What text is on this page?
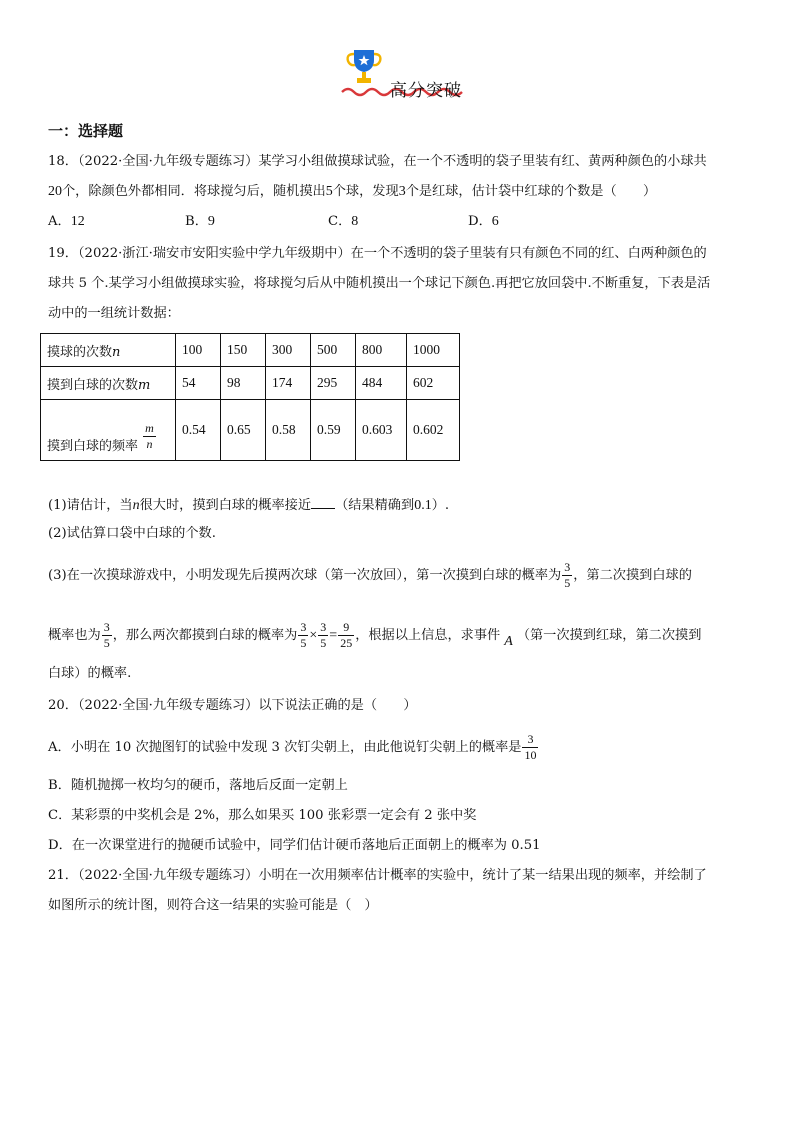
高分突破
一：选择题
18．（2022·全国·九年级专题练习）某学习小组做摸球试验，在一个不透明的袋子里装有红、黄两种颜色的小球共
20个，除颜色外都相同．将球搅匀后，随机摸出5个球，发现3个是红球，估计袋中红球的个数是（　　）
A．12	B．9	C．8	D．6
19．（2022·浙江·瑞安市安阳实验中学九年级期中）在一个不透明的袋子里装有只有颜色不同的红、白两种颜色的
球共 5 个.某学习小组做摸球实验，将球搅匀后从中随机摸出一个球记下颜色.再把它放回袋中.不断重复，下表是活
动中的一组统计数据：
摸球的次数n	100	150	300	500	800	1000
摸到白球的次数m	54	98	174	295	484	602
摸到白球的频率 $\frac{m}{n}$	0.54	0.65	0.58	0.59	0.603	0.602
(1)请估计，当n很大时，摸到白球的概率接近 （结果精确到0.1）.
(2)试估算口袋中白球的个数.
(3)在一次摸球游戏中，小明发现先后摸两次球（第一次放回），第一次摸到白球的概率为 $\frac{3}{5}$ ，第二次摸到白球的
概率也为 $\frac{3}{5}$ ，那么两次都摸到白球的概率为 $\frac{3}{5} \times \frac{3}{5} = \frac{9}{25}$ ，根据以上信息，求事件 A （第一次摸到红球，第二次摸到
白球）的概率.
20．（2022·全国·九年级专题练习）以下说法正确的是（　　）
A．小明在 10 次抛图钉的试验中发现 3 次钉尖朝上，由此他说钉尖朝上的概率是 $\frac{3}{10}$
B．随机抛掷一枚均匀的硬币，落地后反面一定朝上
C．某彩票的中奖机会是 2%，那么如果买 100 张彩票一定会有 2 张中奖
D．在一次课堂进行的抛硬币试验中，同学们估计硬币落地后正面朝上的概率为 0.51
21．（2022·全国·九年级专题练习）小明在一次用频率估计概率的实验中，统计了某一结果出现的频率，并绘制了
如图所示的统计图，则符合这一结果的实验可能是（　）
